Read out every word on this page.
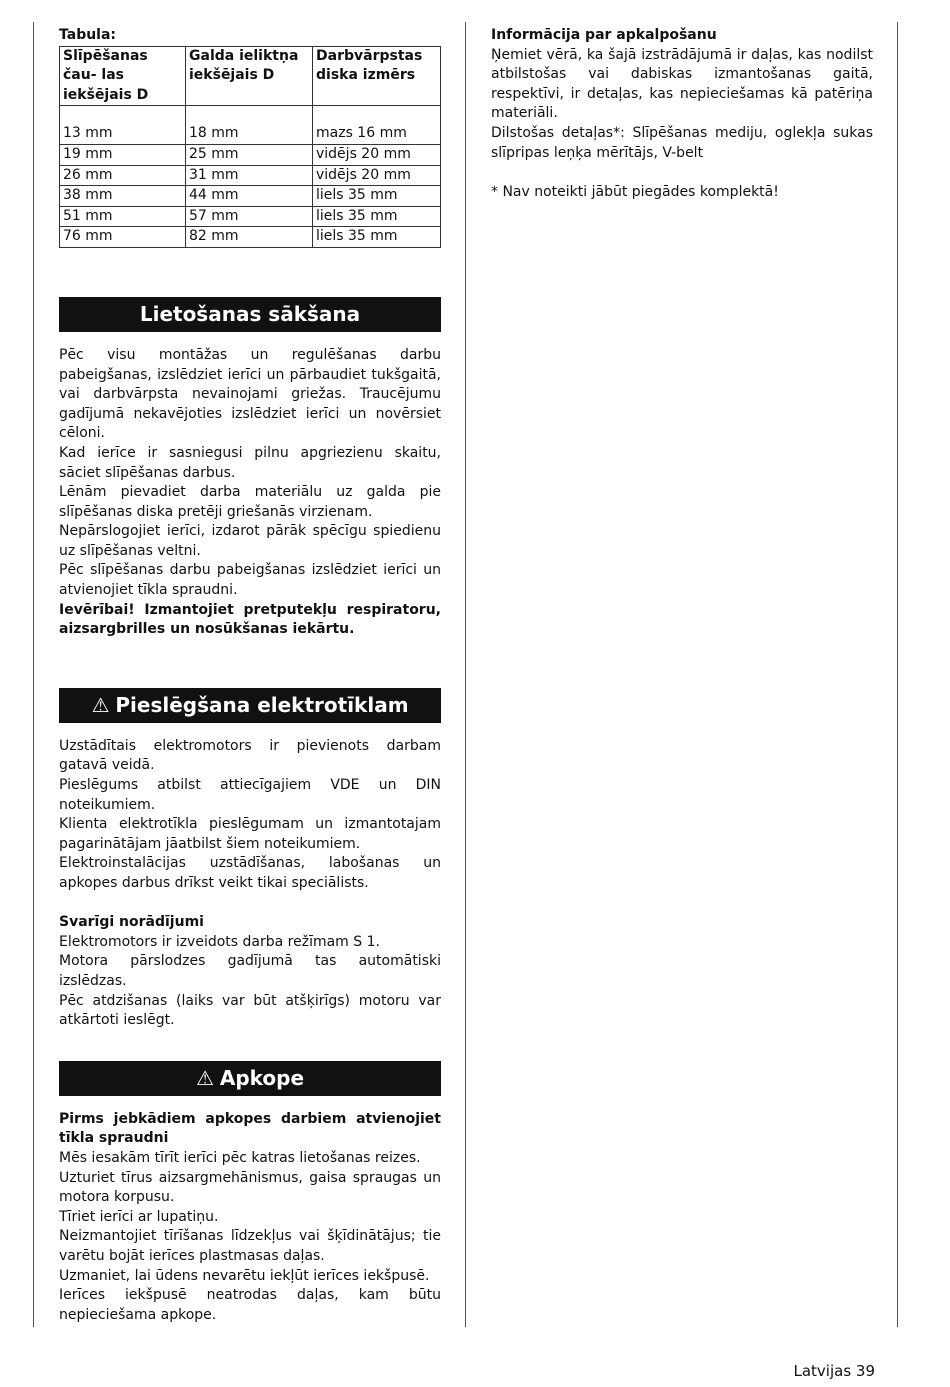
Tabula:
Slīpēšanas čau- las iekšējais D	Galda ieliktņa iekšējais D	Darbvārpstas diska izmērs
13 mm	18 mm	mazs 16 mm
19 mm	25 mm	vidējs 20 mm
26 mm	31 mm	vidējs 20 mm
38 mm	44 mm	liels 35 mm
51 mm	57 mm	liels 35 mm
76 mm	82 mm	liels 35 mm
Lietošanas sākšana

Pēc visu montāžas un regulēšanas darbu pabeigšanas, izslēdziet ierīci un pārbaudiet tukšgaitā, vai darbvārpsta nevainojami griežas. Traucējumu gadījumā nekavējoties izslēdziet ierīci un novērsiet cēloni.

Kad ierīce ir sasniegusi pilnu apgriezienu skaitu, sāciet slīpēšanas darbus.

Lēnām pievadiet darba materiālu uz galda pie slīpēšanas diska pretēji griešanās virzienam.

Nepārslogojiet ierīci, izdarot pārāk spēcīgu spiedienu uz slīpēšanas veltni.

Pēc slīpēšanas darbu pabeigšanas izslēdziet ierīci un atvienojiet tīkla spraudni.

Ievērībai! Izmantojiet pretputekļu respiratoru, aizsargbrilles un nosūkšanas iekārtu.

⚠ Pieslēgšana elektrotīklam

Uzstādītais elektromotors ir pievienots darbam gatavā veidā.

Pieslēgums atbilst attiecīgajiem VDE un DIN noteikumiem.

Klienta elektrotīkla pieslēgumam un izmantotajam pagarinātājam jāatbilst šiem noteikumiem.

Elektroinstalācijas uzstādīšanas, labošanas un apkopes darbus drīkst veikt tikai speciālists.

Svarīgi norādījumi

Elektromotors ir izveidots darba režīmam S 1.

Motora pārslodzes gadījumā tas automātiski izslēdzas.

Pēc atdzišanas (laiks var būt atšķirīgs) motoru var atkārtoti ieslēgt.

⚠ Apkope

Pirms jebkādiem apkopes darbiem atvienojiet tīkla spraudni

Mēs iesakām tīrīt ierīci pēc katras lietošanas reizes.

Uzturiet tīrus aizsargmehānismus, gaisa spraugas un motora korpusu.

Tīriet ierīci ar lupatiņu.

Neizmantojiet tīrīšanas līdzekļus vai šķīdinātājus; tie varētu bojāt ierīces plastmasas daļas.

Uzmaniet, lai ūdens nevarētu iekļūt ierīces iekšpusē.

Ierīces iekšpusē neatrodas daļas, kam būtu nepieciešama apkope.

Informācija par apkalpošanu

Ņemiet vērā, ka šajā izstrādājumā ir daļas, kas nodilst atbilstošas vai dabiskas izmantošanas gaitā, respektīvi, ir detaļas, kas nepieciešamas kā patēriņa materiāli.

Dilstošas detaļas*: Slīpēšanas mediju, oglekļa sukas slīpripas leņķa mērītājs, V-belt

* Nav noteikti jābūt piegādes komplektā!

Latvijas 39
